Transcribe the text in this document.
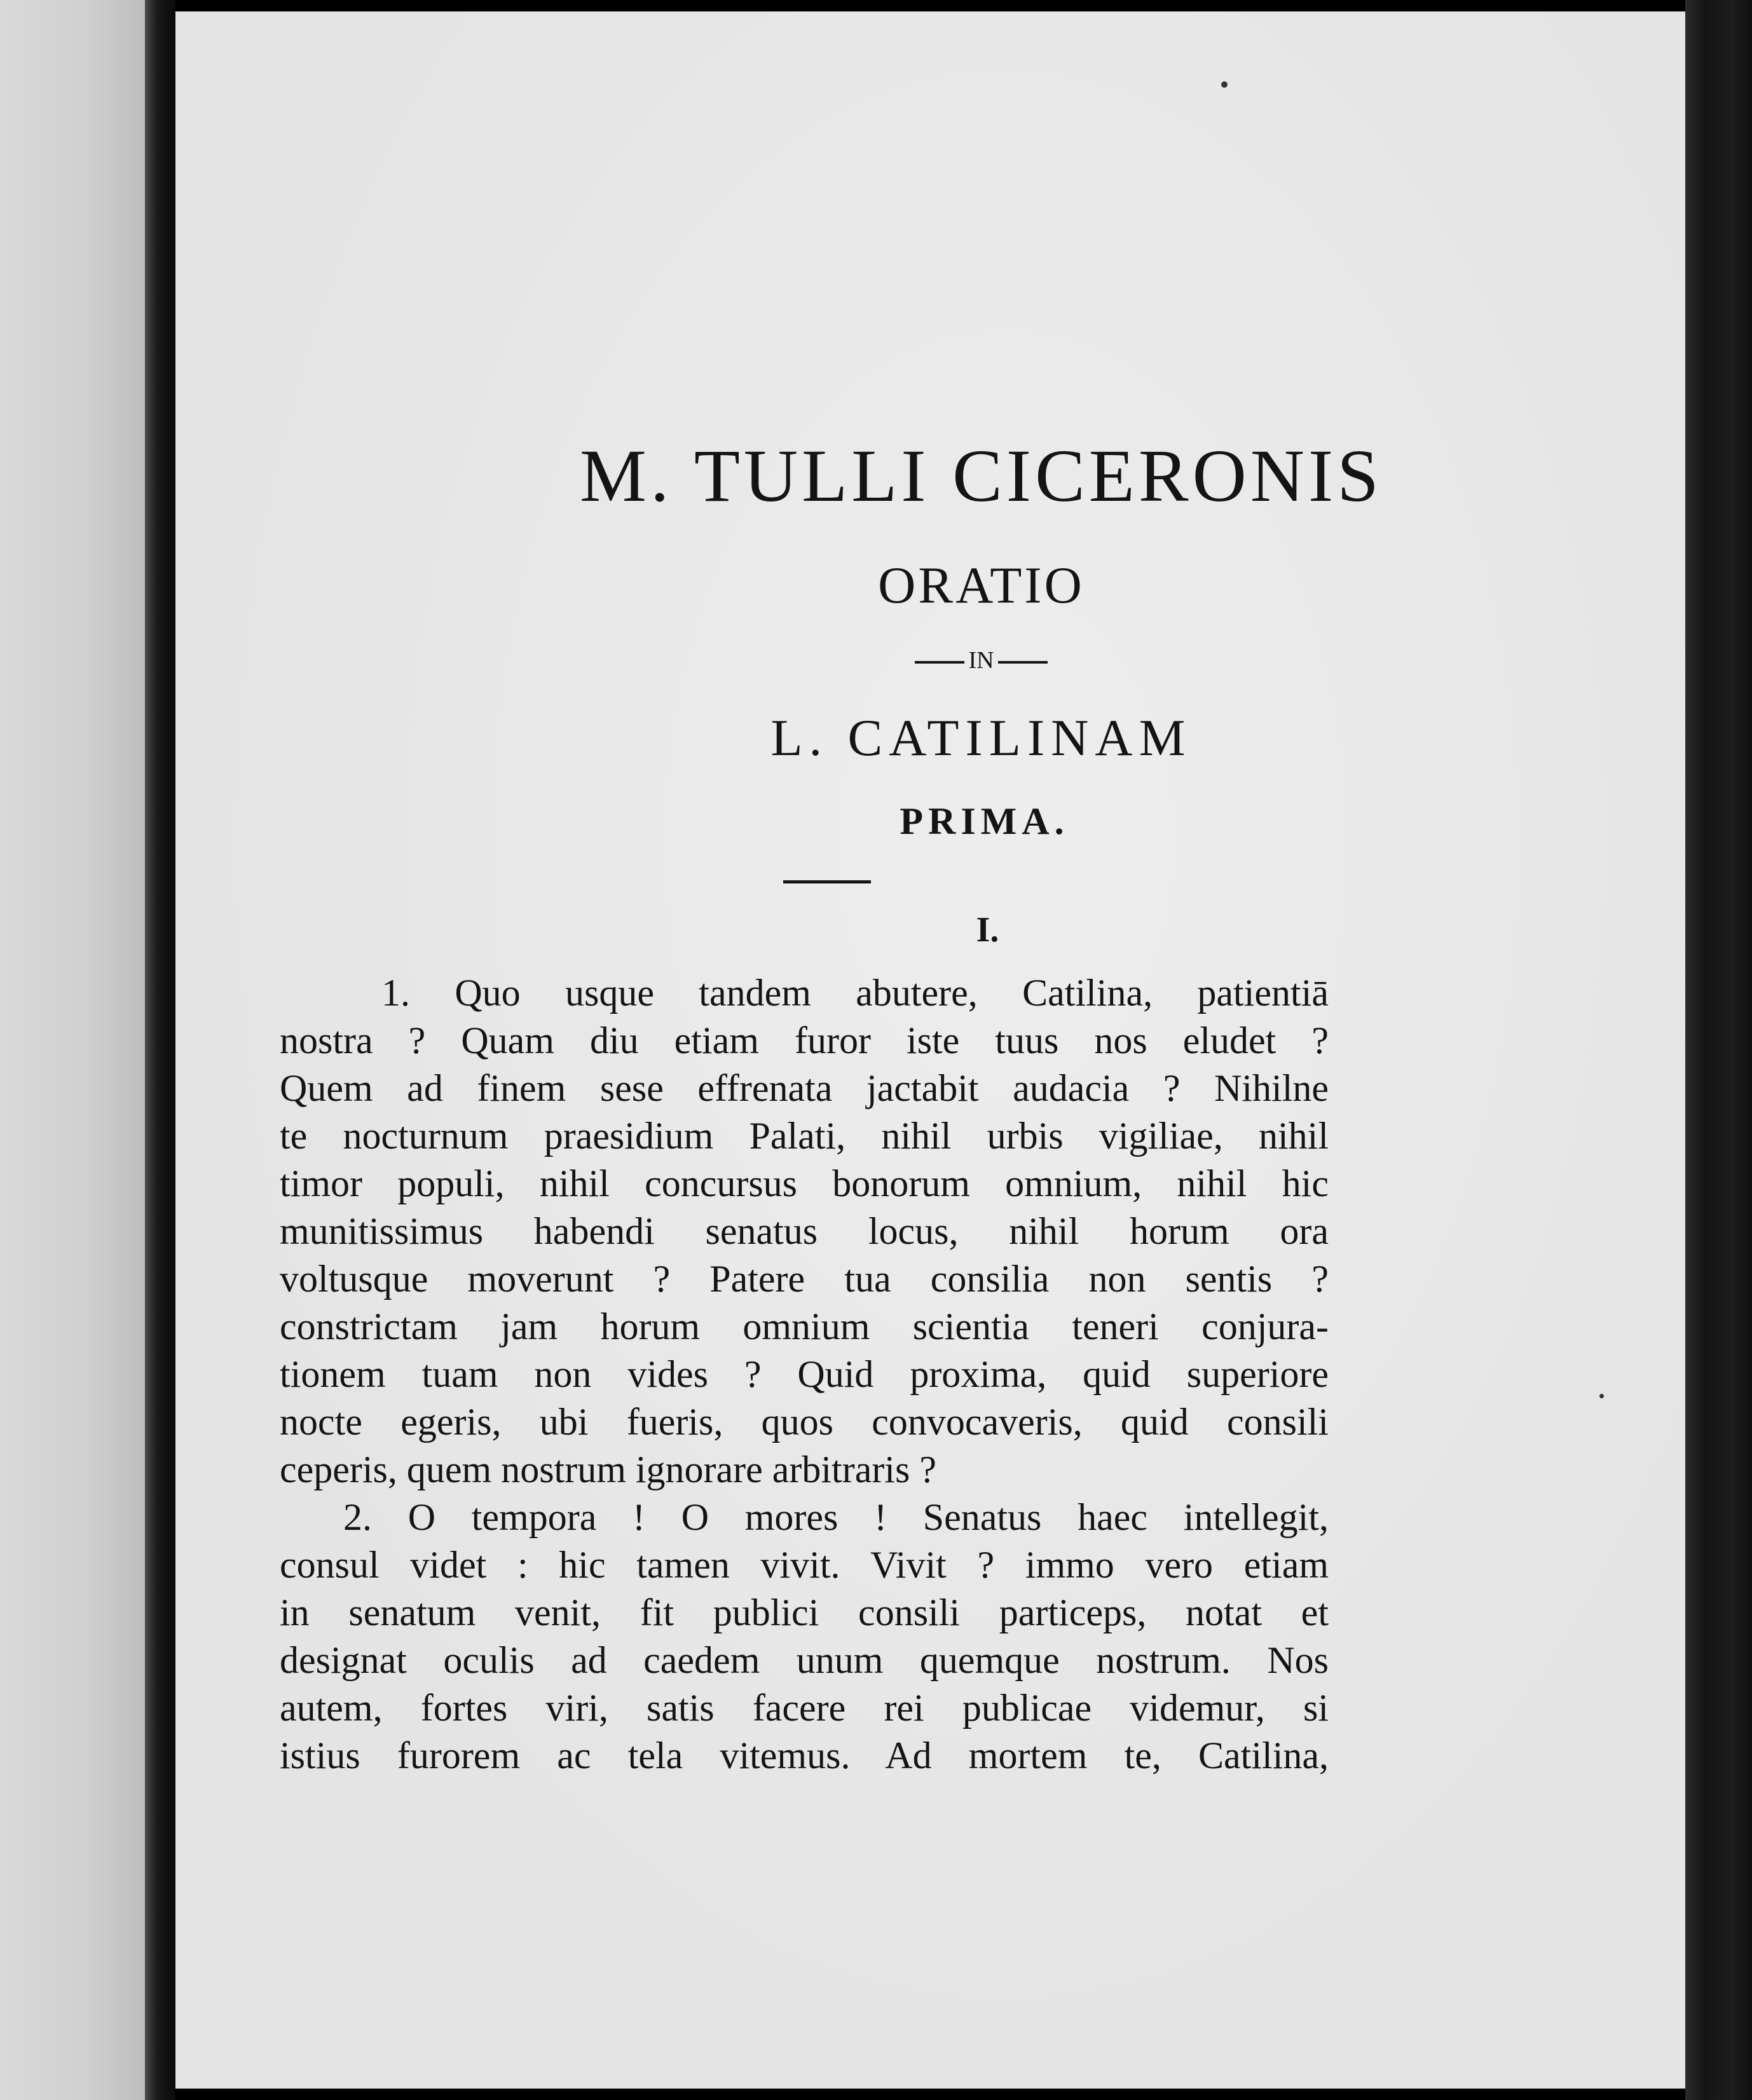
M. TULLI CICERONIS
ORATIO
IN
L. CATILINAM
PRIMA.
I.
1. Quo usque tandem abutere, Catilina, patientiā
nostra ? Quam diu etiam furor iste tuus nos eludet ?
Quem ad finem sese effrenata jactabit audacia ? Nihilne
te nocturnum praesidium Palati, nihil urbis vigiliae, nihil
timor populi, nihil concursus bonorum omnium, nihil hic
munitissimus habendi senatus locus, nihil horum ora
voltusque moverunt ? Patere tua consilia non sentis ?
constrictam jam horum omnium scientia teneri conjura-
tionem tuam non vides ? Quid proxima, quid superiore
nocte egeris, ubi fueris, quos convocaveris, quid consili
ceperis, quem nostrum ignorare arbitraris ?
2. O tempora ! O mores ! Senatus haec intellegit,
consul videt : hic tamen vivit. Vivit ? immo vero etiam
in senatum venit, fit publici consili particeps, notat et
designat oculis ad caedem unum quemque nostrum. Nos
autem, fortes viri, satis facere rei publicae videmur, si
istius furorem ac tela vitemus. Ad mortem te, Catilina,
